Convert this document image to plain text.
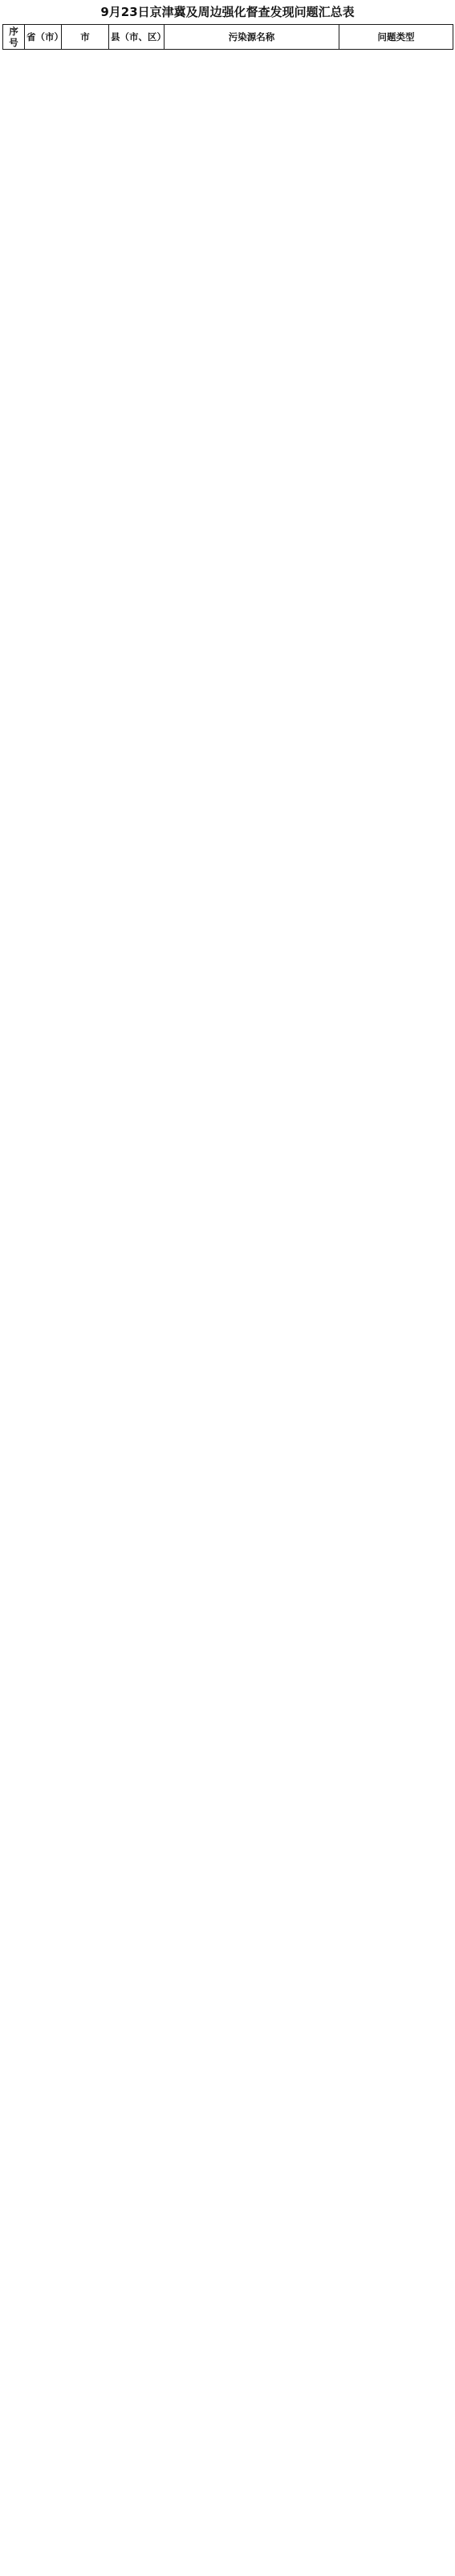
9月23日京津冀及周边强化督查发现问题汇总表
序号	省（市）	市	县（市、区）	污染源名称	问题类型
